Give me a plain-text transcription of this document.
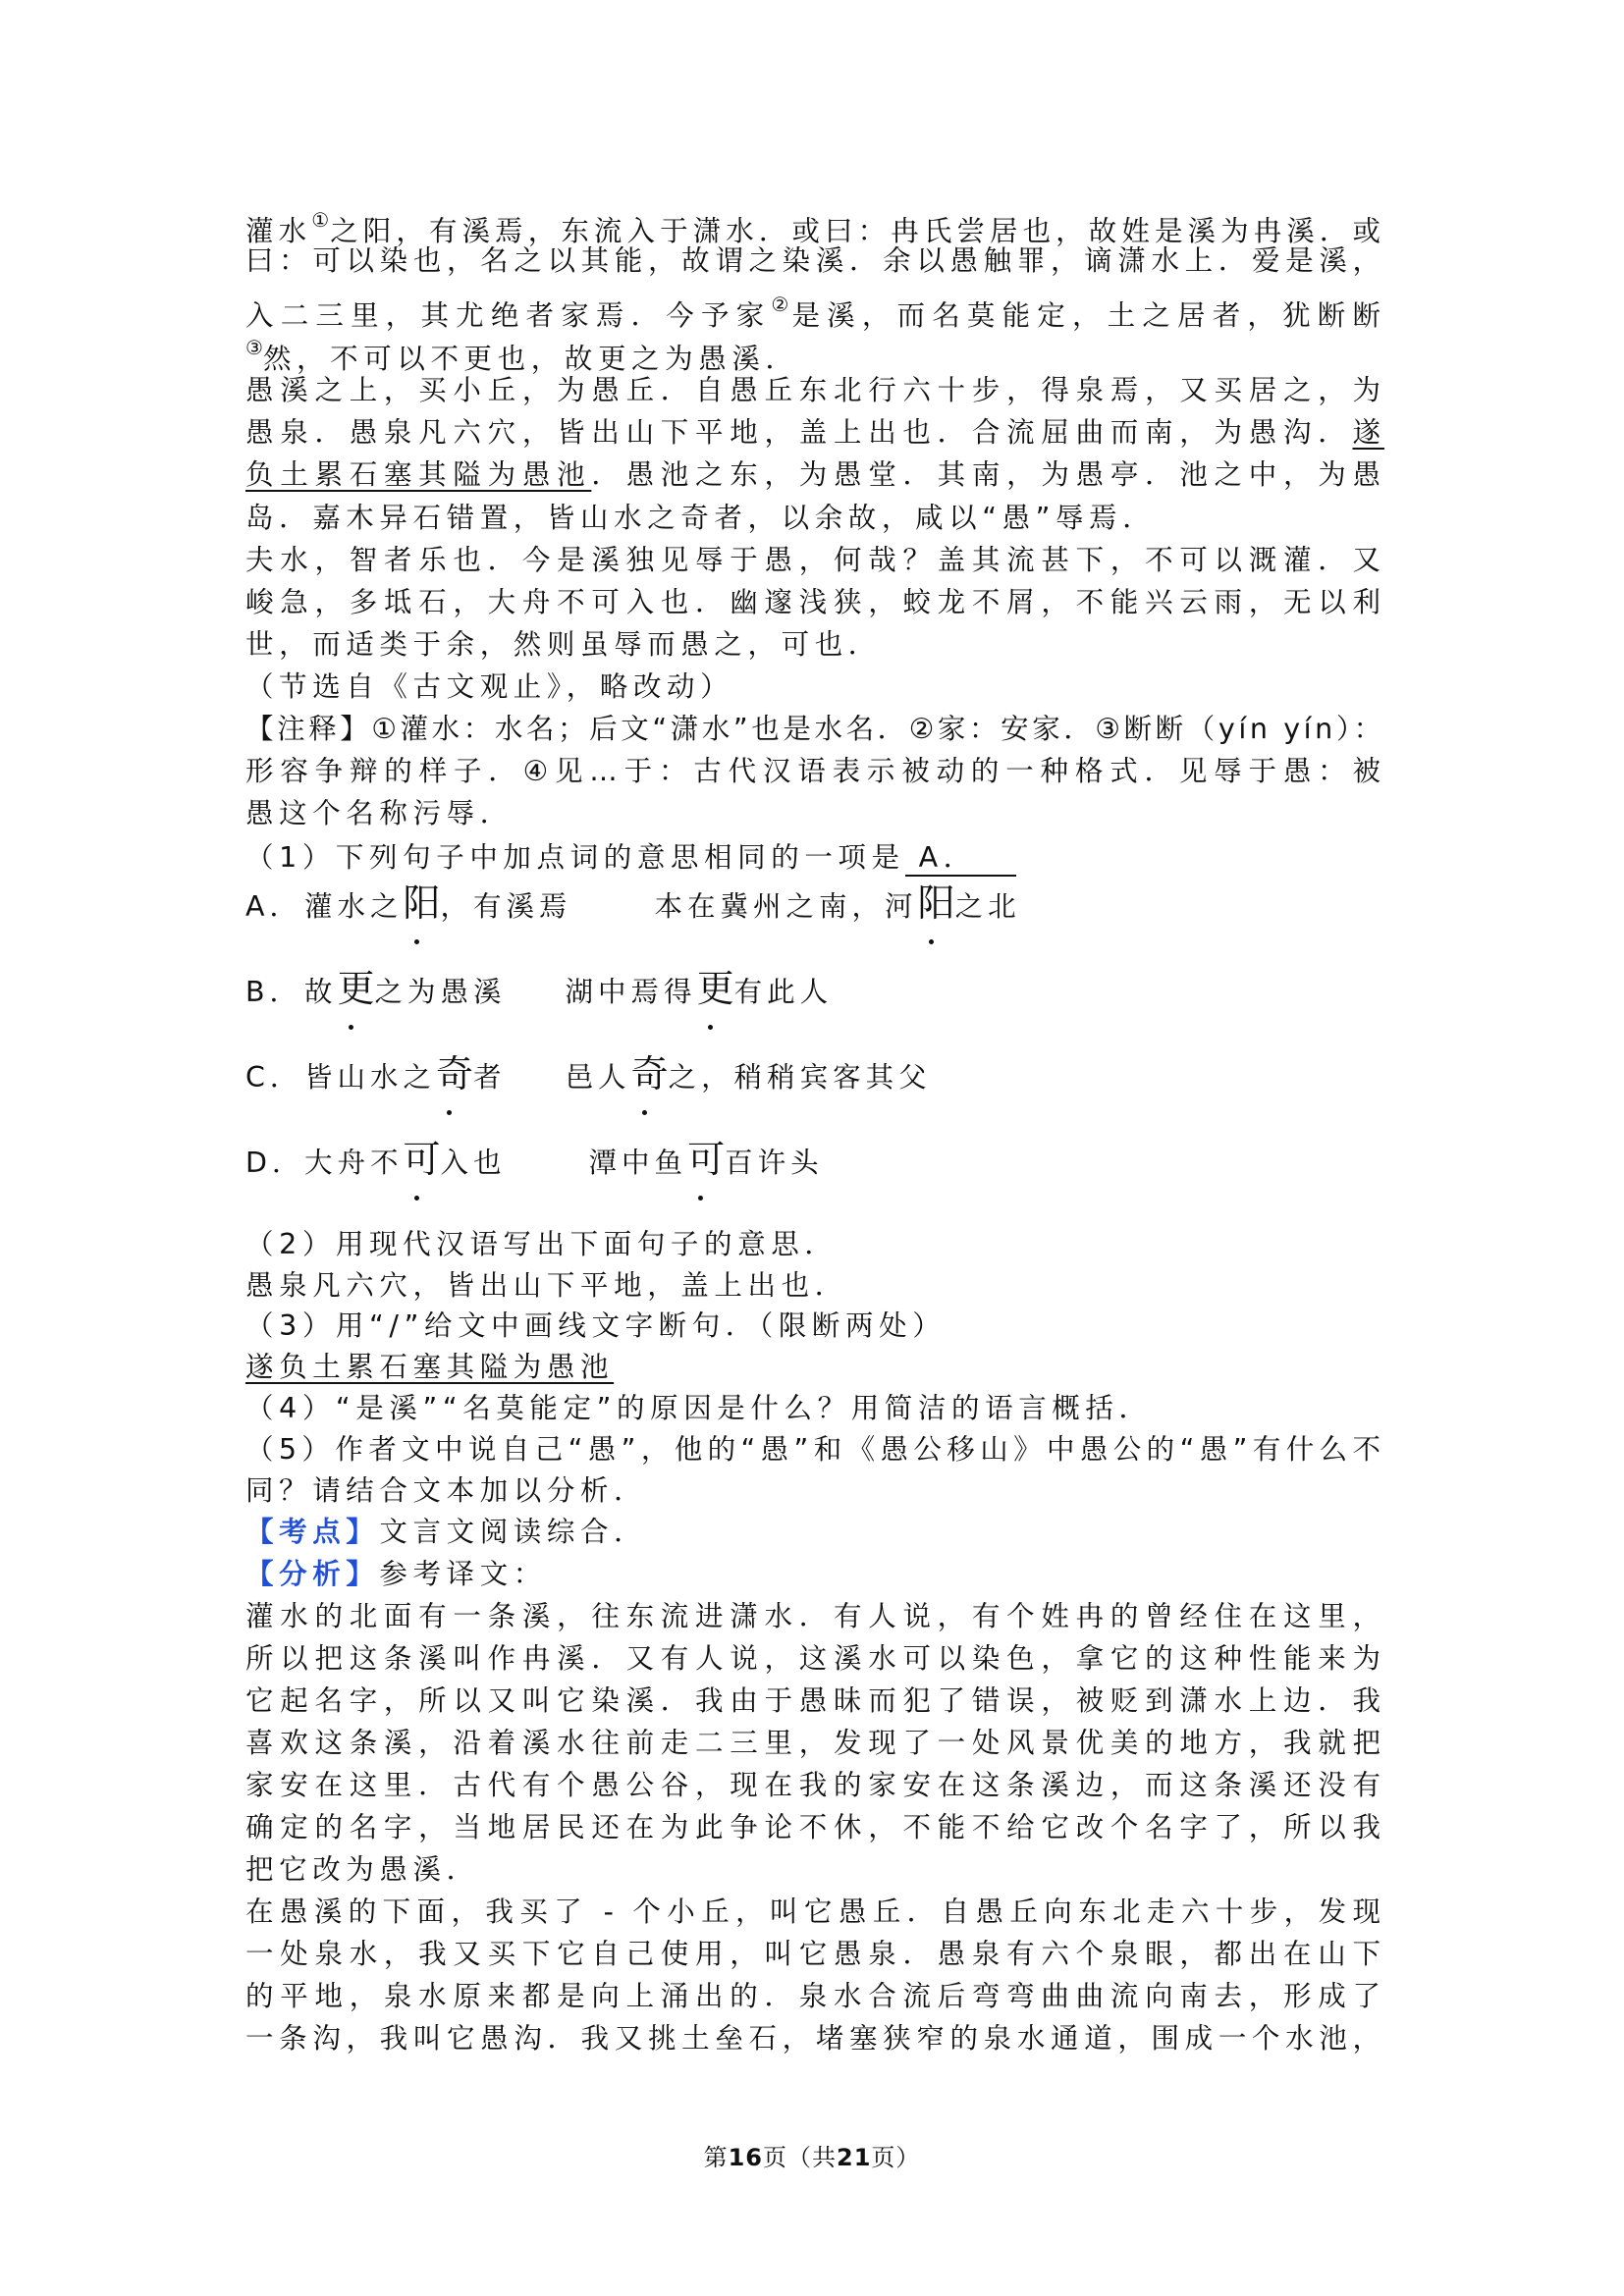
灌水①之阳，有溪焉，东流入于潇水．或曰：冉氏尝居也，故姓是溪为冉溪．或
曰：可以染也，名之以其能，故谓之染溪．余以愚触罪，谪潇水上．爱是溪，
入二三里，其尤绝者家焉．今予家②是溪，而名莫能定，土之居者，犹断断
③然，不可以不更也，故更之为愚溪．
愚溪之上，买小丘，为愚丘．自愚丘东北行六十步，得泉焉，又买居之，为
愚泉．愚泉凡六穴，皆出山下平地，盖上出也．合流屈曲而南，为愚沟．遂
负土累石塞其隘为愚池．愚池之东，为愚堂．其南，为愚亭．池之中，为愚
岛．嘉木异石错置，皆山水之奇者，以余故，咸以“愚”辱焉．
夫水，智者乐也．今是溪独见辱于愚，何哉？盖其流甚下，不可以溉灌．又
峻急，多坻石，大舟不可入也．幽邃浅狭，蛟龙不屑，不能兴云雨，无以利
世，而适类于余，然则虽辱而愚之，可也．
（节选自《古文观止》，略改动）
【注释】①灌水：水名；后文“潇水”也是水名．②家：安家．③断断（yín yín）：
形容争辩的样子．④见…于：古代汉语表示被动的一种格式．见辱于愚：被
愚这个名称污辱．
（1）下列句子中加点词的意思相同的一项是 A．
A．灌水之阳，有溪焉	本在冀州之南，河阳之北
B．故更之为愚溪 湖中焉得更有此人
C．皆山水之奇者 邑人奇之，稍稍宾客其父
D．大舟不可入也	潭中鱼可百许头
（2）用现代汉语写出下面句子的意思．
愚泉凡六穴，皆出山下平地，盖上出也．
（3）用“/”给文中画线文字断句．（限断两处）
遂负土累石塞其隘为愚池
（4）“是溪”“名莫能定”的原因是什么？用简洁的语言概括．
（5）作者文中说自己“愚”，他的“愚”和《愚公移山》中愚公的“愚”有什么不
同？请结合文本加以分析．
【考点】文言文阅读综合．
【分析】参考译文：
灌水的北面有一条溪，往东流进潇水．有人说，有个姓冉的曾经住在这里，
所以把这条溪叫作冉溪．又有人说，这溪水可以染色，拿它的这种性能来为
它起名字，所以又叫它染溪．我由于愚昧而犯了错误，被贬到潇水上边．我
喜欢这条溪，沿着溪水往前走二三里，发现了一处风景优美的地方，我就把
家安在这里．古代有个愚公谷，现在我的家安在这条溪边，而这条溪还没有
确定的名字，当地居民还在为此争论不休，不能不给它改个名字了，所以我
把它改为愚溪．
在愚溪的下面，我买了 - 个小丘，叫它愚丘．自愚丘向东北走六十步，发现
一处泉水，我又买下它自己使用，叫它愚泉．愚泉有六个泉眼，都出在山下
的平地，泉水原来都是向上涌出的．泉水合流后弯弯曲曲流向南去，形成了
一条沟，我叫它愚沟．我又挑土垒石，堵塞狭窄的泉水通道，围成一个水池，
第16页（共21页）
